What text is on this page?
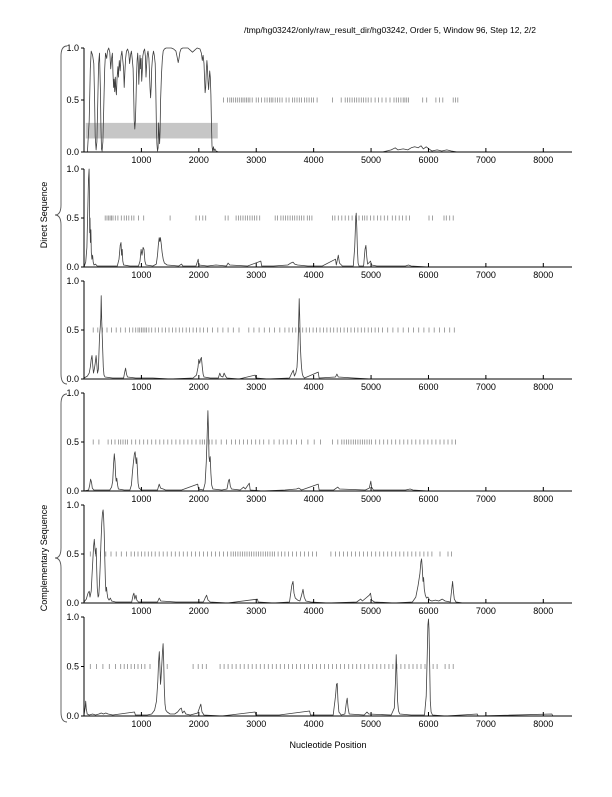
/tmp/hg03242/only/raw_result_dir/hg03242, Order 5, Window 96, Step 12, 2/2
Direct Sequence
Complementary Sequence
1.0
0.5
0.0
1000	2000	3000	4000	5000	6000	7000	8000
1.0
0.5
0.0
1000	2000	3000	4000	5000	6000	7000	8000
1.0
0.5
0.0
1000	2000	3000	4000	5000	6000	7000	8000
1.0
0.5
0.0
1000	2000	3000	4000	5000	6000	7000	8000
1.0
0.5
0.0
1000	2000	3000	4000	5000	6000	7000	8000
1.0
0.5
0.0
1000	2000	3000	4000	5000	6000	7000	8000
Nucleotide Position
